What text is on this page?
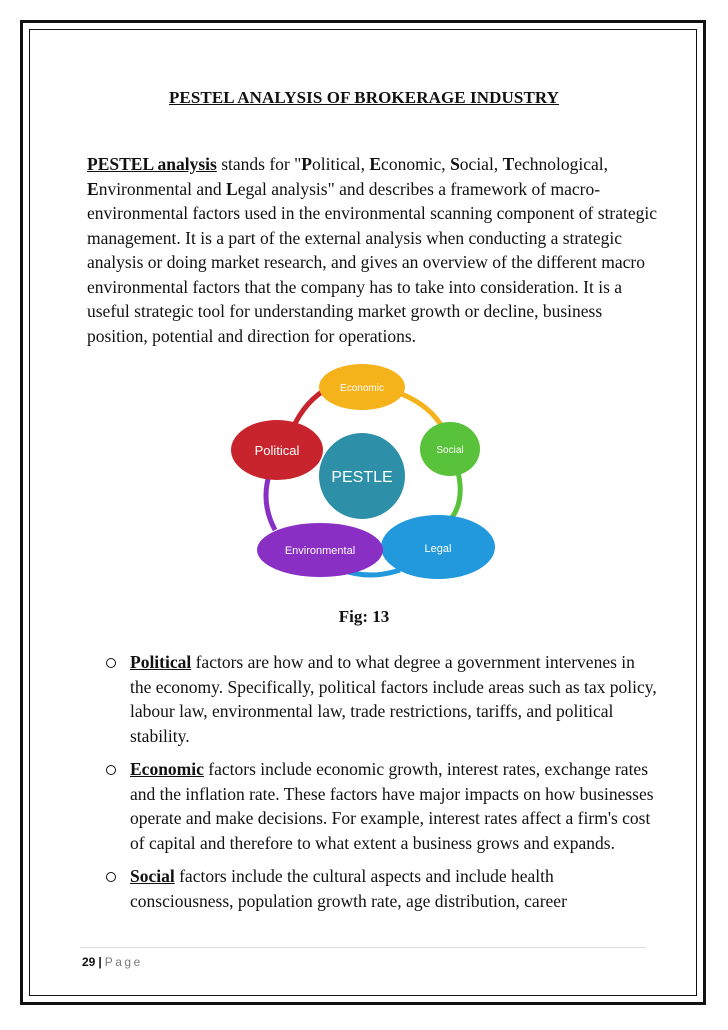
PESTEL ANALYSIS OF BROKERAGE INDUSTRY
PESTEL analysis stands for "Political, Economic, Social, Technological, Environmental and Legal analysis" and describes a framework of macro-environmental factors used in the environmental scanning component of strategic management. It is a part of the external analysis when conducting a strategic analysis or doing market research, and gives an overview of the different macro environmental factors that the company has to take into consideration. It is a useful strategic tool for understanding market growth or decline, business position, potential and direction for operations.
Economic
Social
Legal
Environmental
Political
PESTLE
Fig: 13
Political factors are how and to what degree a government intervenes in the economy. Specifically, political factors include areas such as tax policy, labour law, environmental law, trade restrictions, tariffs, and political stability.
Economic factors include economic growth, interest rates, exchange rates and the inflation rate. These factors have major impacts on how businesses operate and make decisions. For example, interest rates affect a firm's cost of capital and therefore to what extent a business grows and expands.
Social factors include the cultural aspects and include health consciousness, population growth rate, age distribution, career
29 | Page
